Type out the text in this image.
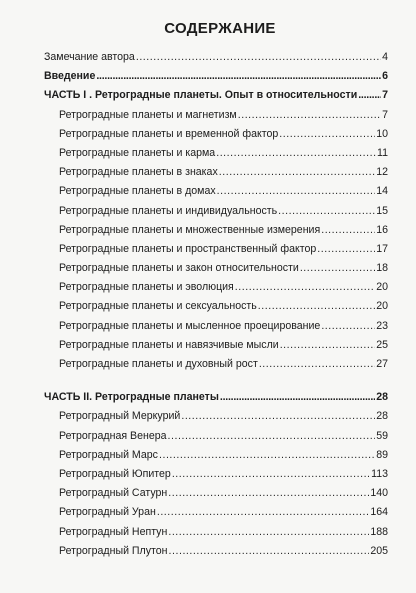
СОДЕРЖАНИЕ
Замечание автора . . .	4
Введение . . .	6
ЧАСТЬ I . Ретроградные планеты. Опыт в относительности . . . 7
Ретроградные планеты и магнетизм . . .	7
Ретроградные планеты и временной фактор . . .	10
Ретроградные планеты и карма . . .	11
Ретроградные планеты в знаках . . .	12
Ретроградные планеты в домах . . .	14
Ретроградные планеты и индивидуальность . . .	15
Ретроградные планеты и множественные измерения . . .	16
Ретроградные планеты и пространственный фактор . . .	17
Ретроградные планеты и закон относительности . . .	18
Ретроградные планеты и эволюция . . .	20
Ретроградные планеты и сексуальность . . .	20
Ретроградные планеты и мысленное проецирование . . .	23
Ретроградные планеты и навязчивые мысли . . .	25
Ретроградные планеты и духовный рост . . .	27
ЧАСТЬ II. Ретроградные планеты . . .	28
Ретроградный Меркурий . . .	28
Ретроградная Венера . . .	59
Ретроградный Марс . . .	89
Ретроградный Юпитер . . .	113
Ретроградный Сатурн . . .	140
Ретроградный Уран . . .	164
Ретроградный Нептун . . .	188
Ретроградный Плутон . . .	205
